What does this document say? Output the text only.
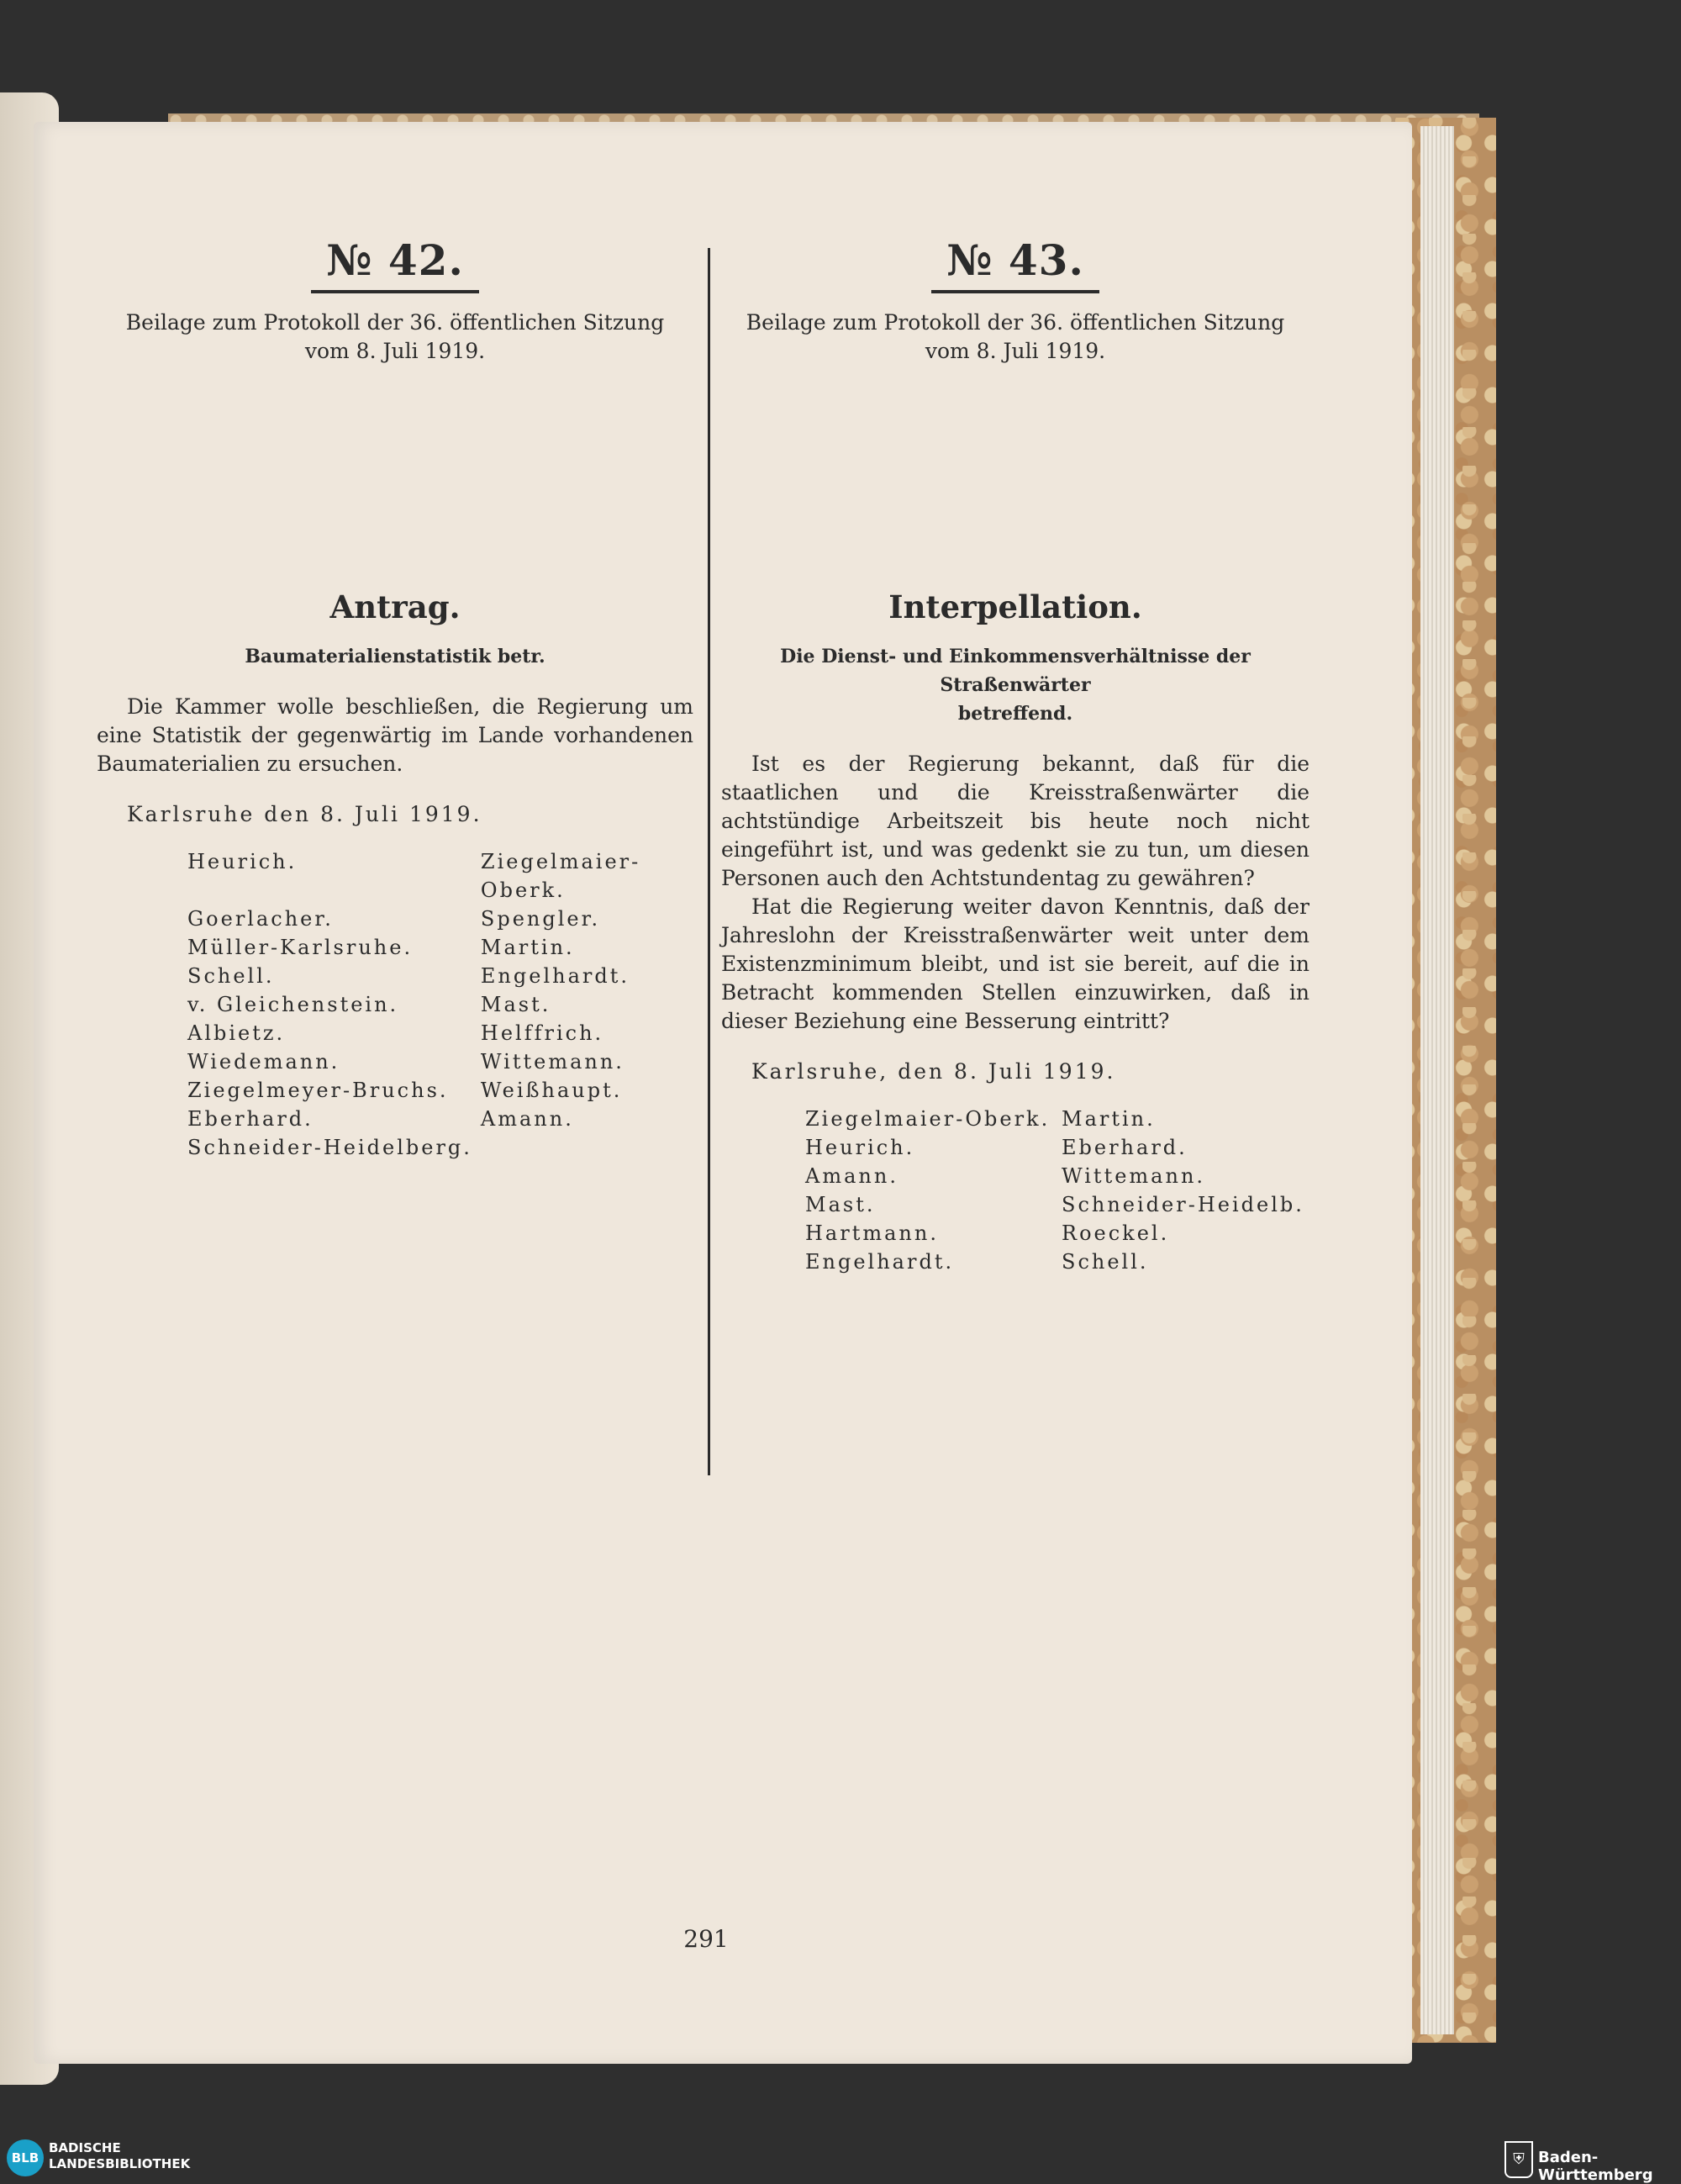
№ 42.
Beilage zum Protokoll der 36. öffentlichen Sitzung
vom 8. Juli 1919.
Antrag.
Baumaterialienstatistik betr.
Die Kammer wolle beschließen, die Regierung um eine Statistik der gegenwärtig im Lande vorhandenen Baumaterialien zu ersuchen.
Karlsruhe den 8. Juli 1919.
Heurich.	Ziegelmaier-Oberk.
Goerlacher.	Spengler.
Müller-Karlsruhe.	Martin.
Schell.	Engelhardt.
v. Gleichenstein.	Mast.
Albietz.	Helffrich.
Wiedemann.	Wittemann.
Ziegelmeyer-Bruchs.	Weißhaupt.
Eberhard.	Amann.
Schneider-Heidelberg.
№ 43.
Beilage zum Protokoll der 36. öffentlichen Sitzung
vom 8. Juli 1919.
Interpellation.
Die Dienst- und Einkommensverhältnisse der Straßenwärter
betreffend.
Ist es der Regierung bekannt, daß für die staatlichen und die Kreisstraßenwärter die achtstündige Arbeitszeit bis heute noch nicht eingeführt ist, und was gedenkt sie zu tun, um diesen Personen auch den Achtstundentag zu gewähren?
Hat die Regierung weiter davon Kenntnis, daß der Jahreslohn der Kreisstraßenwärter weit unter dem Existenzminimum bleibt, und ist sie bereit, auf die in Betracht kommenden Stellen einzuwirken, daß in dieser Beziehung eine Besserung eintritt?
Karlsruhe, den 8. Juli 1919.
Ziegelmaier-Oberk. Martin.
Heurich.	Eberhard.
Amann.	Wittemann.
Mast.	Schneider-Heidelb.
Hartmann.	Roeckel.
Engelhardt.	Schell.
291
BLB
BADISCHE
LANDESBIBLIOTHEK	⛨ Baden-Württemberg
